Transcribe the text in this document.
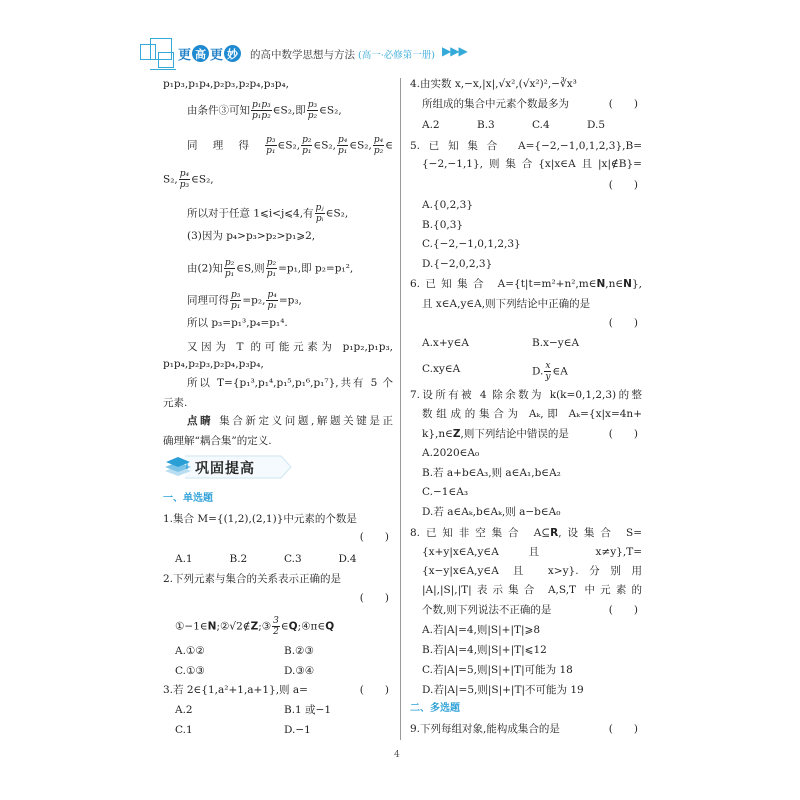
更 高 更 妙 的高中数学思想与方法 (高一·必修第一册) ▶▶▶
p₁p₃,p₁p₄,p₂p₃,p₂p₄,p₃p₄,
由条件③可知 $\frac{\text{p₁p₃}}{\text{p₁p₂}}$ ∈S₂,即 $\frac{\text{p₃}}{\text{p₂}}$ ∈S₂,
同理得 $\frac{\text{p₃}}{\text{p₁}}$ ∈S₂, $\frac{\text{p₂}}{\text{p₁}}$ ∈S₂, $\frac{\text{p₄}}{\text{p₁}}$ ∈S₂, $\frac{\text{p₄}}{\text{p₂}}$ ∈
S₂, $\frac{\text{p₄}}{\text{p₃}}$ ∈S₂,
所以对于任意 1⩽i<j⩽4,有 $\frac{\text{pⱼ}}{\text{pᵢ}}$ ∈S₂,
(3)因为 p₄>p₃>p₂>p₁⩾2,
由(2)知 $\frac{\text{p₂}}{\text{p₁}}$ ∈S,则 $\frac{\text{p₂}}{\text{p₁}} =p_1$,即 p₂=p₁²,
同理可得 $\frac{\text{p₃}}{\text{p₁}} =p_2$, $\frac{\text{p₄}}{\text{p₁}} =p_3$,
所以 p₃=p₁³,p₄=p₁⁴.
又因为 T 的可能元素为 p₁p₂,p₁p₃,
p₁p₄,p₂p₃,p₂p₄,p₃p₄,
所以 T={p₁³,p₁⁴,p₁⁵,p₁⁶,p₁⁷},共有 5 个
元素.
点睛 集合新定义问题,解题关键是正
确理解“耦合集”的定义.
一、单选题
1.集合 M={(1,2),(2,1)}中元素的个数是
(　　)
A.1	B.2	C.3	D.4
2.下列元素与集合的关系表示正确的是
(　　)
①−1∈N;②√2∉Z;③ $\frac{3}{2}$ ∈Q;④π∈Q
A.①②	B.②③
C.①③	D.③④
3.若 2∈{1,a²+1,a+1},则 a=	(　　)
A.2	B.1 或−1
C.1	D.−1
4.由实数 x,−x,|x|,√x²,(√x²)²,−∛x³
所组成的集合中元素个数最多为	(　　)
A.2	B.3	C.4	D.5
5.已知集合 A={−2,−1,0,1,2,3},B=
{−2,−1,1},则集合{x|x∈A且|x|∉B}=
(　　)
A.{0,2,3}
B.{0,3}
C.{−2,−1,0,1,2,3}
D.{−2,0,2,3}
6.已知集合 A={t|t=m²+n²,m∈N,n∈N},
且 x∈A,y∈A,则下列结论中正确的是
(　　)
A.x+y∈A	B.x−y∈A
C.xy∈A	D. $\frac{x}{y}$ ∈A
7.设所有被 4 除余数为 k(k=0,1,2,3)的整
数组成的集合为 Aₖ,即 Aₖ={x|x=4n+
k},n∈Z,则下列结论中错误的是	(　　)
A.2020∈A₀
B.若 a+b∈A₃,则 a∈A₁,b∈A₂
C.−1∈A₃
D.若 a∈Aₖ,b∈Aₖ,则 a−b∈A₀
8.已知非空集合 A⊆R,设集合 S=
{x+y|x∈A,y∈A 且 x≠y},T=
{x−y|x∈A,y∈A 且 x>y}.分别用
|A|,|S|,|T|表示集合 A,S,T 中元素的
个数,则下列说法不正确的是	(　　)
A.若|A|=4,则|S|+|T|⩾8
B.若|A|=4,则|S|+|T|⩽12
C.若|A|=5,则|S|+|T|可能为 18
D.若|A|=5,则|S|+|T|不可能为 19
二、多选题
9.下列每组对象,能构成集合的是	(　　)
巩固提高
4
